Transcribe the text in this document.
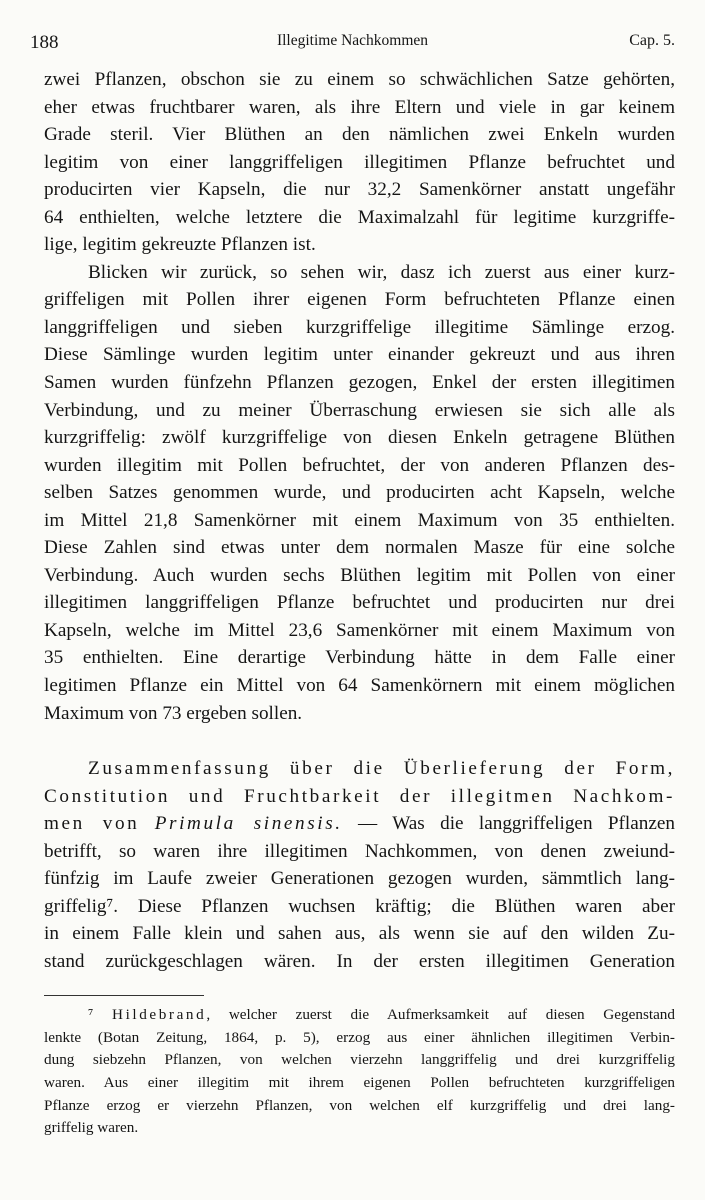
188	Illegitime Nachkommen	Cap. 5.
zwei Pflanzen, obschon sie zu einem so schwächlichen Satze gehörten,
eher etwas fruchtbarer waren, als ihre Eltern und viele in gar keinem
Grade steril. Vier Blüthen an den nämlichen zwei Enkeln wurden
legitim von einer langgriffeligen illegitimen Pflanze befruchtet und
producirten vier Kapseln, die nur 32,2 Samenkörner anstatt ungefähr
64 enthielten, welche letztere die Maximalzahl für legitime kurzgriffe-
lige, legitim gekreuzte Pflanzen ist.
Blicken wir zurück, so sehen wir, dasz ich zuerst aus einer kurz-
griffeligen mit Pollen ihrer eigenen Form befruchteten Pflanze einen
langgriffeligen und sieben kurzgriffelige illegitime Sämlinge erzog.
Diese Sämlinge wurden legitim unter einander gekreuzt und aus ihren
Samen wurden fünfzehn Pflanzen gezogen, Enkel der ersten illegitimen
Verbindung, und zu meiner Überraschung erwiesen sie sich alle als
kurzgriffelig: zwölf kurzgriffelige von diesen Enkeln getragene Blüthen
wurden illegitim mit Pollen befruchtet, der von anderen Pflanzen des-
selben Satzes genommen wurde, und producirten acht Kapseln, welche
im Mittel 21,8 Samenkörner mit einem Maximum von 35 enthielten.
Diese Zahlen sind etwas unter dem normalen Masze für eine solche
Verbindung. Auch wurden sechs Blüthen legitim mit Pollen von einer
illegitimen langgriffeligen Pflanze befruchtet und producirten nur drei
Kapseln, welche im Mittel 23,6 Samenkörner mit einem Maximum von
35 enthielten. Eine derartige Verbindung hätte in dem Falle einer
legitimen Pflanze ein Mittel von 64 Samenkörnern mit einem möglichen
Maximum von 73 ergeben sollen.
Zusammenfassung über die Überlieferung der Form,
Constitution und Fruchtbarkeit der illegitmen Nachkom-
men von Primula sinensis. — Was die langgriffeligen Pflanzen
betrifft, so waren ihre illegitimen Nachkommen, von denen zweiund-
fünfzig im Laufe zweier Generationen gezogen wurden, sämmtlich lang-
griffelig⁷. Diese Pflanzen wuchsen kräftig; die Blüthen waren aber
in einem Falle klein und sahen aus, als wenn sie auf den wilden Zu-
stand zurückgeschlagen wären. In der ersten illegitimen Generation
⁷ Hildebrand, welcher zuerst die Aufmerksamkeit auf diesen Gegenstand
lenkte (Botan Zeitung, 1864, p. 5), erzog aus einer ähnlichen illegitimen Verbin-
dung siebzehn Pflanzen, von welchen vierzehn langgriffelig und drei kurzgriffelig
waren. Aus einer illegitim mit ihrem eigenen Pollen befruchteten kurzgriffeligen
Pflanze erzog er vierzehn Pflanzen, von welchen elf kurzgriffelig und drei lang-
griffelig waren.
